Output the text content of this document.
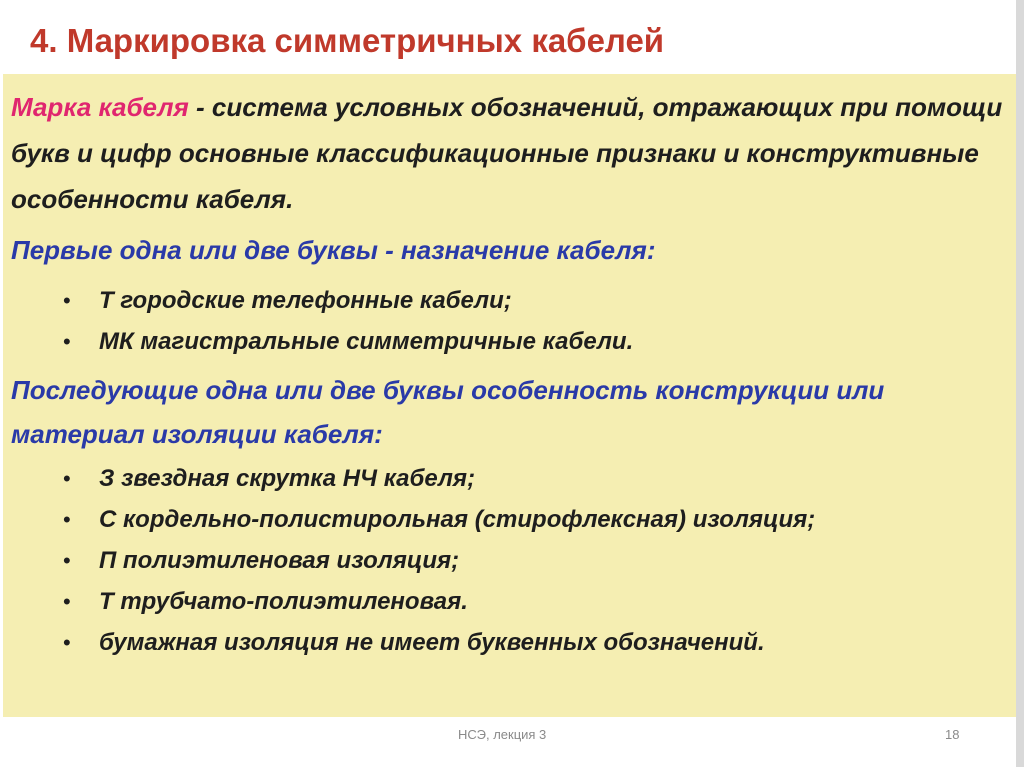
4. Маркировка симметричных кабелей

Марка кабеля - система условных обозначений, отражающих при помощи букв и цифр основные классификационные признаки и конструктивные особенности кабеля.

Первые одна или две буквы - назначение кабеля:

• Т городские телефонные кабели;
• МК магистральные симметричные кабели.

Последующие одна или две буквы особенность конструкции или материал изоляции кабеля:

• З звездная скрутка НЧ кабеля;
• С кордельно-полистирольная (стирофлексная) изоляция;
• П полиэтиленовая изоляция;
• Т трубчато-полиэтиленовая.
• бумажная изоляция не имеет буквенных обозначений.
НСЭ, лекция 3	18
